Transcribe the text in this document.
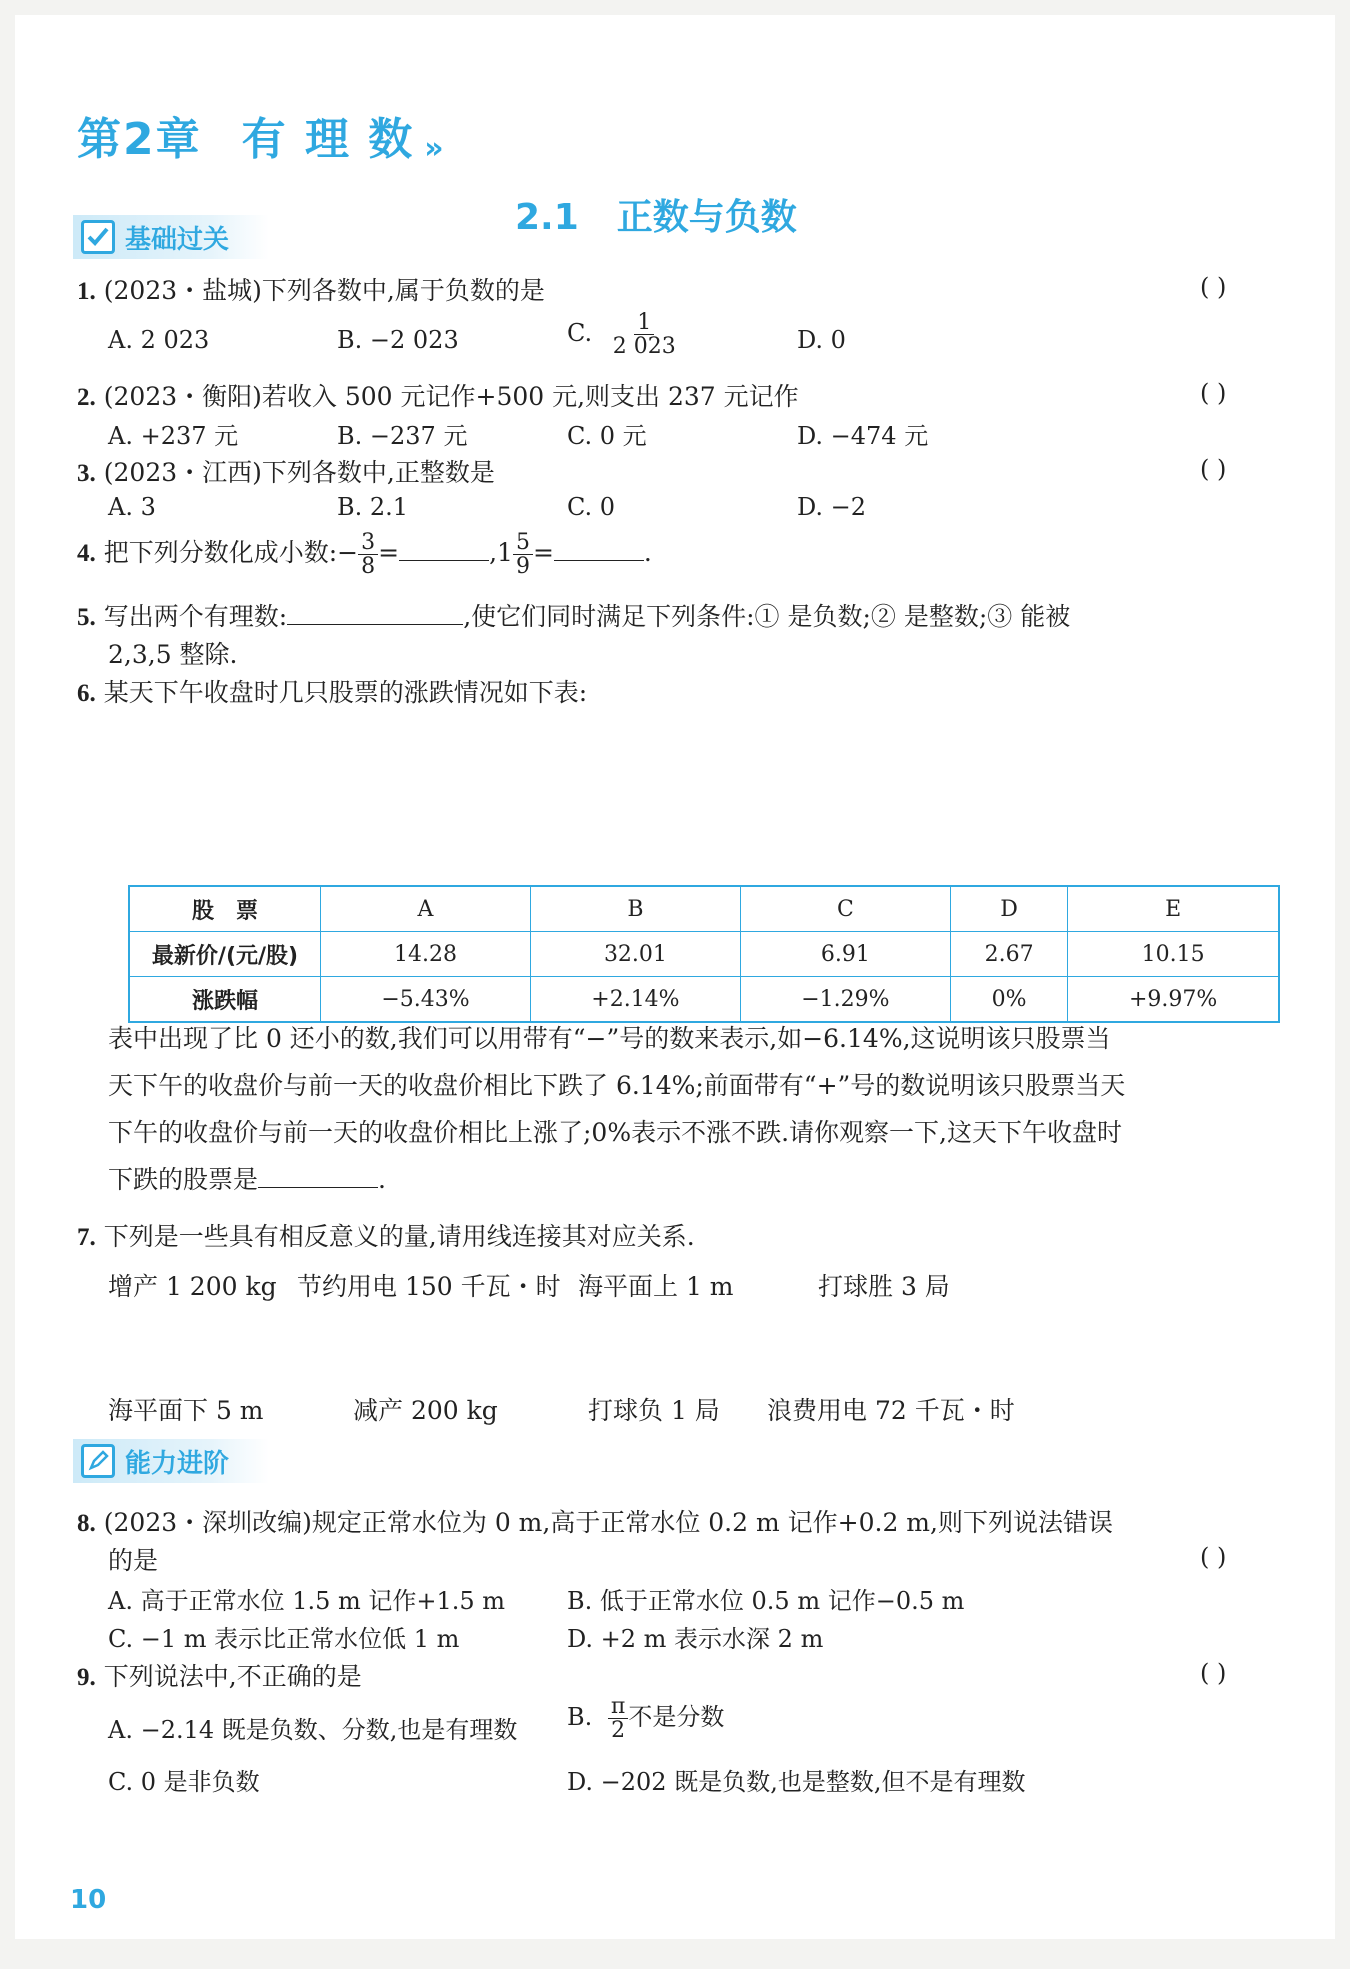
第2章 有 理 数 »
2.1 正数与负数
基础过关
1. (2023・盐城)下列各数中,属于负数的是	( )
A. 2 023	B. −2 023	C. $\frac{1}{2 023}$	D. 0
2. (2023・衡阳)若收入 500 元记作+500 元,则支出 237 元记作	( )
A. +237 元	B. −237 元	C. 0 元	D. −474 元
3. (2023・江西)下列各数中,正整数是	( )
A. 3	B. 2.1	C. 0	D. −2
4. 把下列分数化成小数:− $\frac{3}{8}$ =	$,1 \frac{5}{9}$ =	.
5. 写出两个有理数:	,使它们同时满足下列条件:① 是负数;② 是整数;③ 能被
2,3,5 整除.
6. 某天下午收盘时几只股票的涨跌情况如下表:
股　票	A	B	C	D	E
最新价/(元/股)	14.28	32.01	6.91	2.67	10.15
涨跌幅	−5.43%	+2.14%	−1.29%	0%	+9.97%
表中出现了比 0 还小的数,我们可以用带有“−”号的数来表示,如−6.14%,这说明该只股票当
天下午的收盘价与前一天的收盘价相比下跌了 6.14%;前面带有“+”号的数说明该只股票当天
下午的收盘价与前一天的收盘价相比上涨了;0%表示不涨不跌.请你观察一下,这天下午收盘时
下跌的股票是	.
7. 下列是一些具有相反意义的量,请用线连接其对应关系.
增产 1 200 kg 节约用电 150 千瓦・时 海平面上 1 m	打球胜 3 局
海平面下 5 m	减产 200 kg	打球负 1 局 浪费用电 72 千瓦・时
能力进阶
8. (2023・深圳改编)规定正常水位为 0 m,高于正常水位 0.2 m 记作+0.2 m,则下列说法错误
的是	( )
A. 高于正常水位 1.5 m 记作+1.5 m	B. 低于正常水位 0.5 m 记作−0.5 m
C. −1 m 表示比正常水位低 1 m	D. +2 m 表示水深 2 m
9. 下列说法中,不正确的是	( )
A. −2.14 既是负数、分数,也是有理数 B. $\frac{\pi}{2}$ 不是分数
C. 0 是非负数	D. −202 既是负数,也是整数,但不是有理数
10
